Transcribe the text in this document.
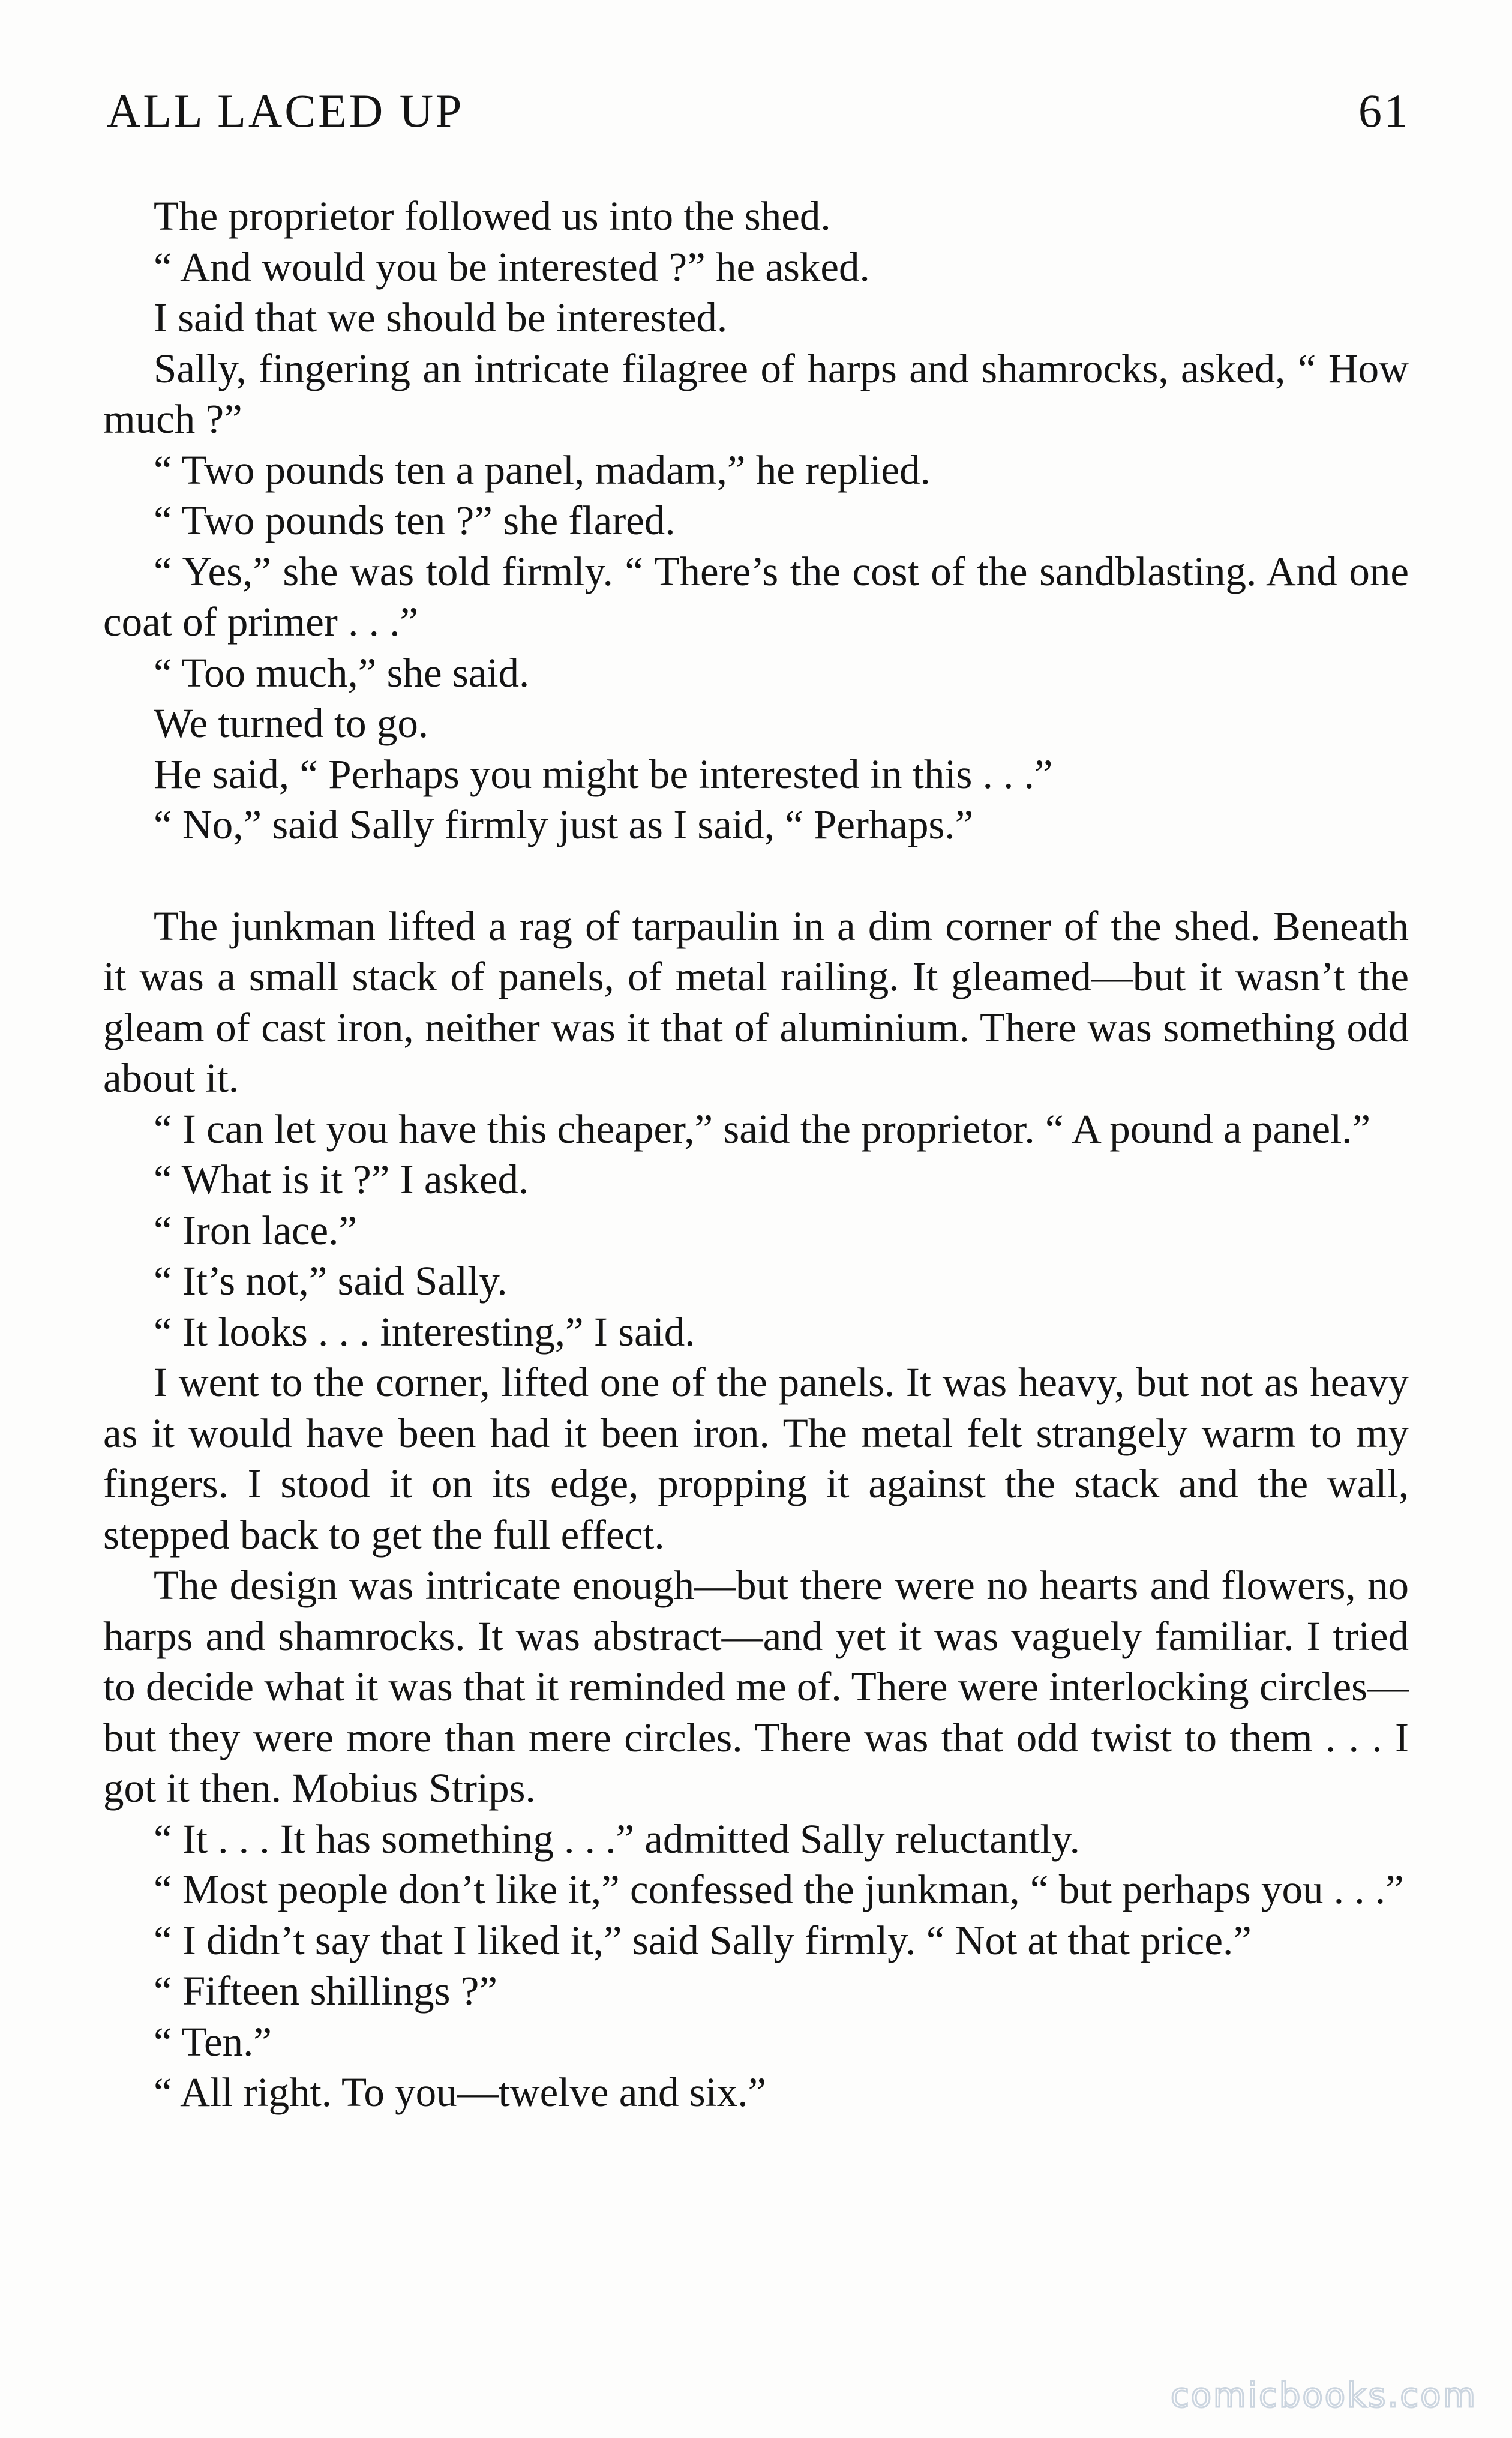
ALL LACED UP	61

The proprietor followed us into the shed.

“ And would you be interested ?” he asked.

I said that we should be interested.

Sally, fingering an intricate filagree of harps and shamrocks, asked, “ How much ?”

“ Two pounds ten a panel, madam,” he replied.

“ Two pounds ten ?” she flared.

“ Yes,” she was told firmly. “ There’s the cost of the sandblasting. And one coat of primer . . .”

“ Too much,” she said.

We turned to go.

He said, “ Perhaps you might be interested in this . . .”

“ No,” said Sally firmly just as I said, “ Perhaps.”

The junkman lifted a rag of tarpaulin in a dim corner of the shed. Beneath it was a small stack of panels, of metal railing. It gleamed—but it wasn’t the gleam of cast iron, neither was it that of aluminium. There was something odd about it.

“ I can let you have this cheaper,” said the proprietor. “ A pound a panel.”

“ What is it ?” I asked.

“ Iron lace.”

“ It’s not,” said Sally.

“ It looks . . . interesting,” I said.

I went to the corner, lifted one of the panels. It was heavy, but not as heavy as it would have been had it been iron. The metal felt strangely warm to my fingers. I stood it on its edge, propping it against the stack and the wall, stepped back to get the full effect.

The design was intricate enough—but there were no hearts and flowers, no harps and shamrocks. It was abstract—and yet it was vaguely familiar. I tried to decide what it was that it reminded me of. There were interlocking circles—but they were more than mere circles. There was that odd twist to them . . . I got it then. Mobius Strips.

“ It . . . It has something . . .” admitted Sally reluctantly.

“ Most people don’t like it,” confessed the junkman, “ but perhaps you . . .”

“ I didn’t say that I liked it,” said Sally firmly. “ Not at that price.”

“ Fifteen shillings ?”

“ Ten.”

“ All right. To you—twelve and six.”

comicbooks.com
